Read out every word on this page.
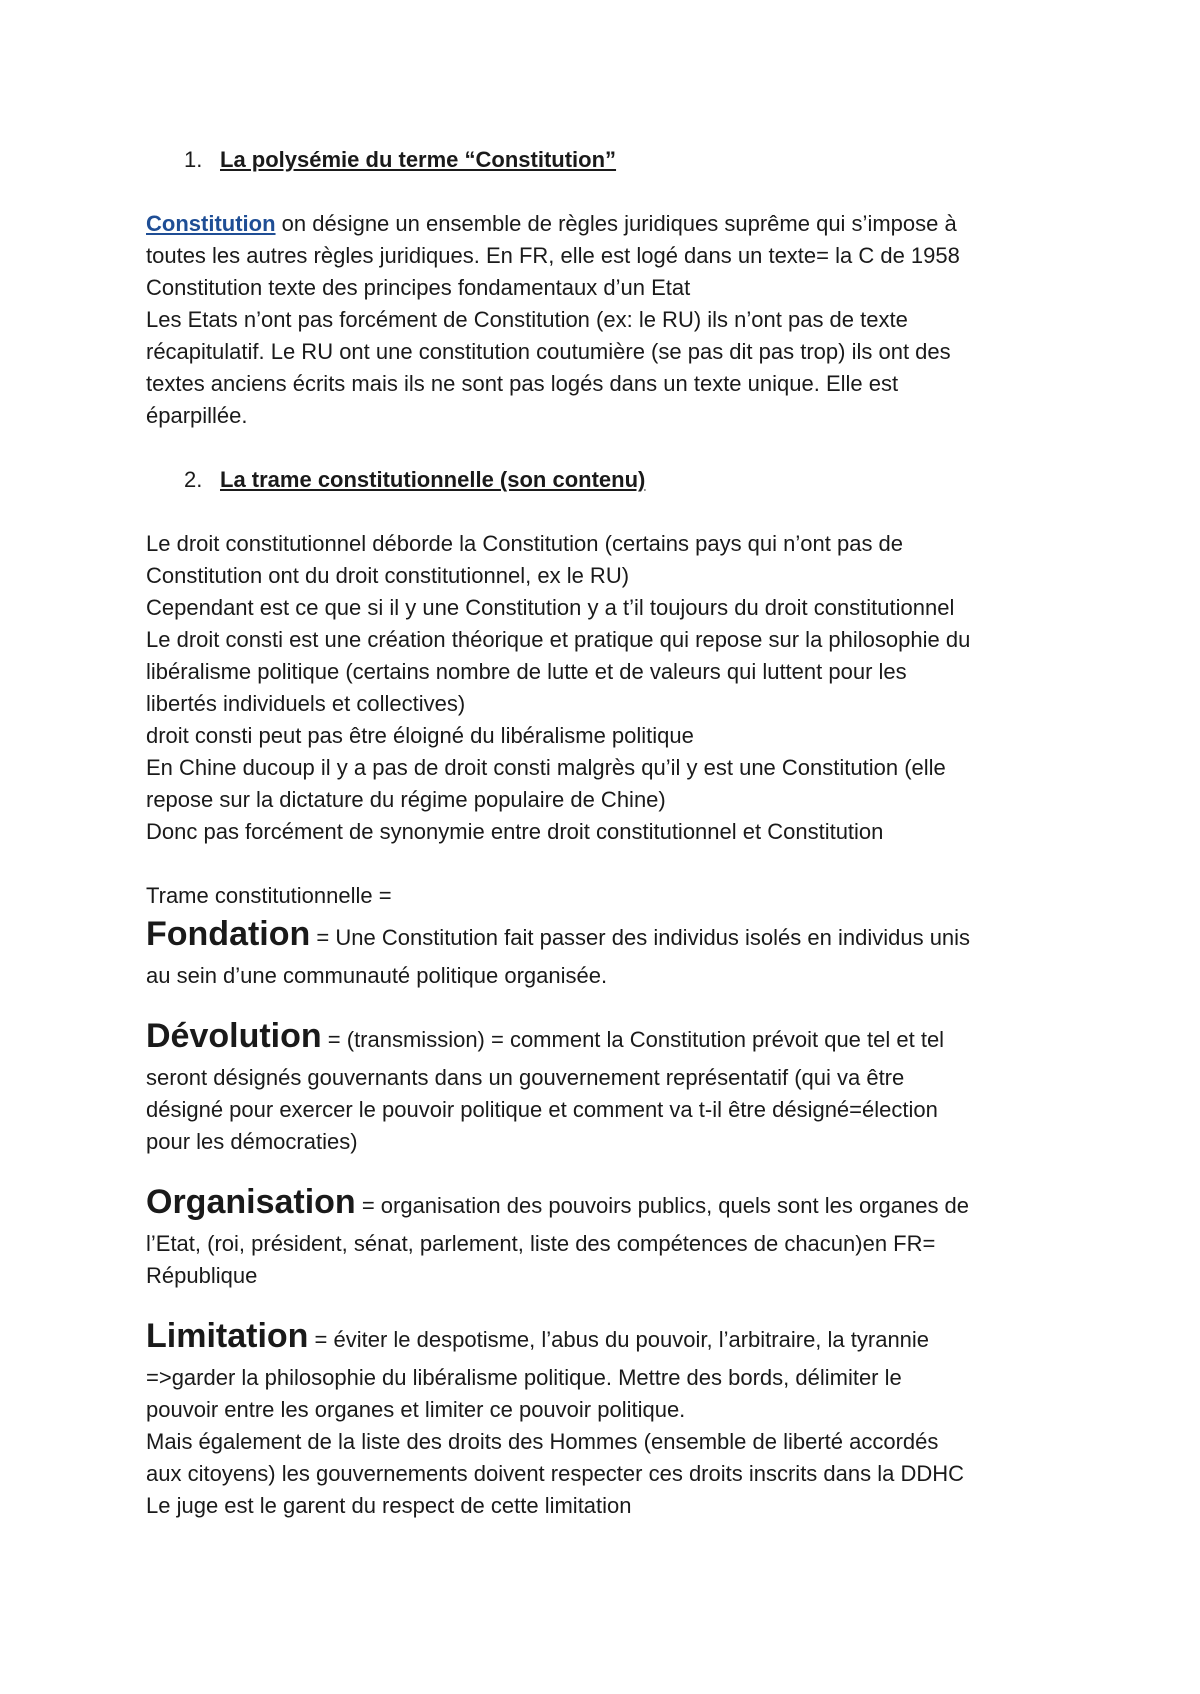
1. La polysémie du terme “Constitution”

Constitution on désigne un ensemble de règles juridiques suprême qui s’impose à
toutes les autres règles juridiques. En FR, elle est logé dans un texte= la C de 1958
Constitution texte des principes fondamentaux d’un Etat
Les Etats n’ont pas forcément de Constitution (ex: le RU) ils n’ont pas de texte
récapitulatif. Le RU ont une constitution coutumière (se pas dit pas trop) ils ont des
textes anciens écrits mais ils ne sont pas logés dans un texte unique. Elle est
éparpillée.

2. La trame constitutionnelle (son contenu)

Le droit constitutionnel déborde la Constitution (certains pays qui n’ont pas de
Constitution ont du droit constitutionnel, ex le RU)
Cependant est ce que si il y une Constitution y a t’il toujours du droit constitutionnel
Le droit consti est une création théorique et pratique qui repose sur la philosophie du
libéralisme politique (certains nombre de lutte et de valeurs qui luttent pour les
libertés individuels et collectives)
droit consti peut pas être éloigné du libéralisme politique
En Chine ducoup il y a pas de droit consti malgrès qu’il y est une Constitution (elle
repose sur la dictature du régime populaire de Chine)
Donc pas forcément de synonymie entre droit constitutionnel et Constitution

Trame constitutionnelle =

Fondation = Une Constitution fait passer des individus isolés en individus unis
au sein d’une communauté politique organisée.

Dévolution = (transmission) = comment la Constitution prévoit que tel et tel
seront désignés gouvernants dans un gouvernement représentatif (qui va être
désigné pour exercer le pouvoir politique et comment va t-il être désigné=élection
pour les démocraties)

Organisation = organisation des pouvoirs publics, quels sont les organes de
l’Etat, (roi, président, sénat, parlement, liste des compétences de chacun)en FR=
République

Limitation = éviter le despotisme, l’abus du pouvoir, l’arbitraire, la tyrannie
=>garder la philosophie du libéralisme politique. Mettre des bords, délimiter le
pouvoir entre les organes et limiter ce pouvoir politique.
Mais également de la liste des droits des Hommes (ensemble de liberté accordés
aux citoyens) les gouvernements doivent respecter ces droits inscrits dans la DDHC
Le juge est le garent du respect de cette limitation
